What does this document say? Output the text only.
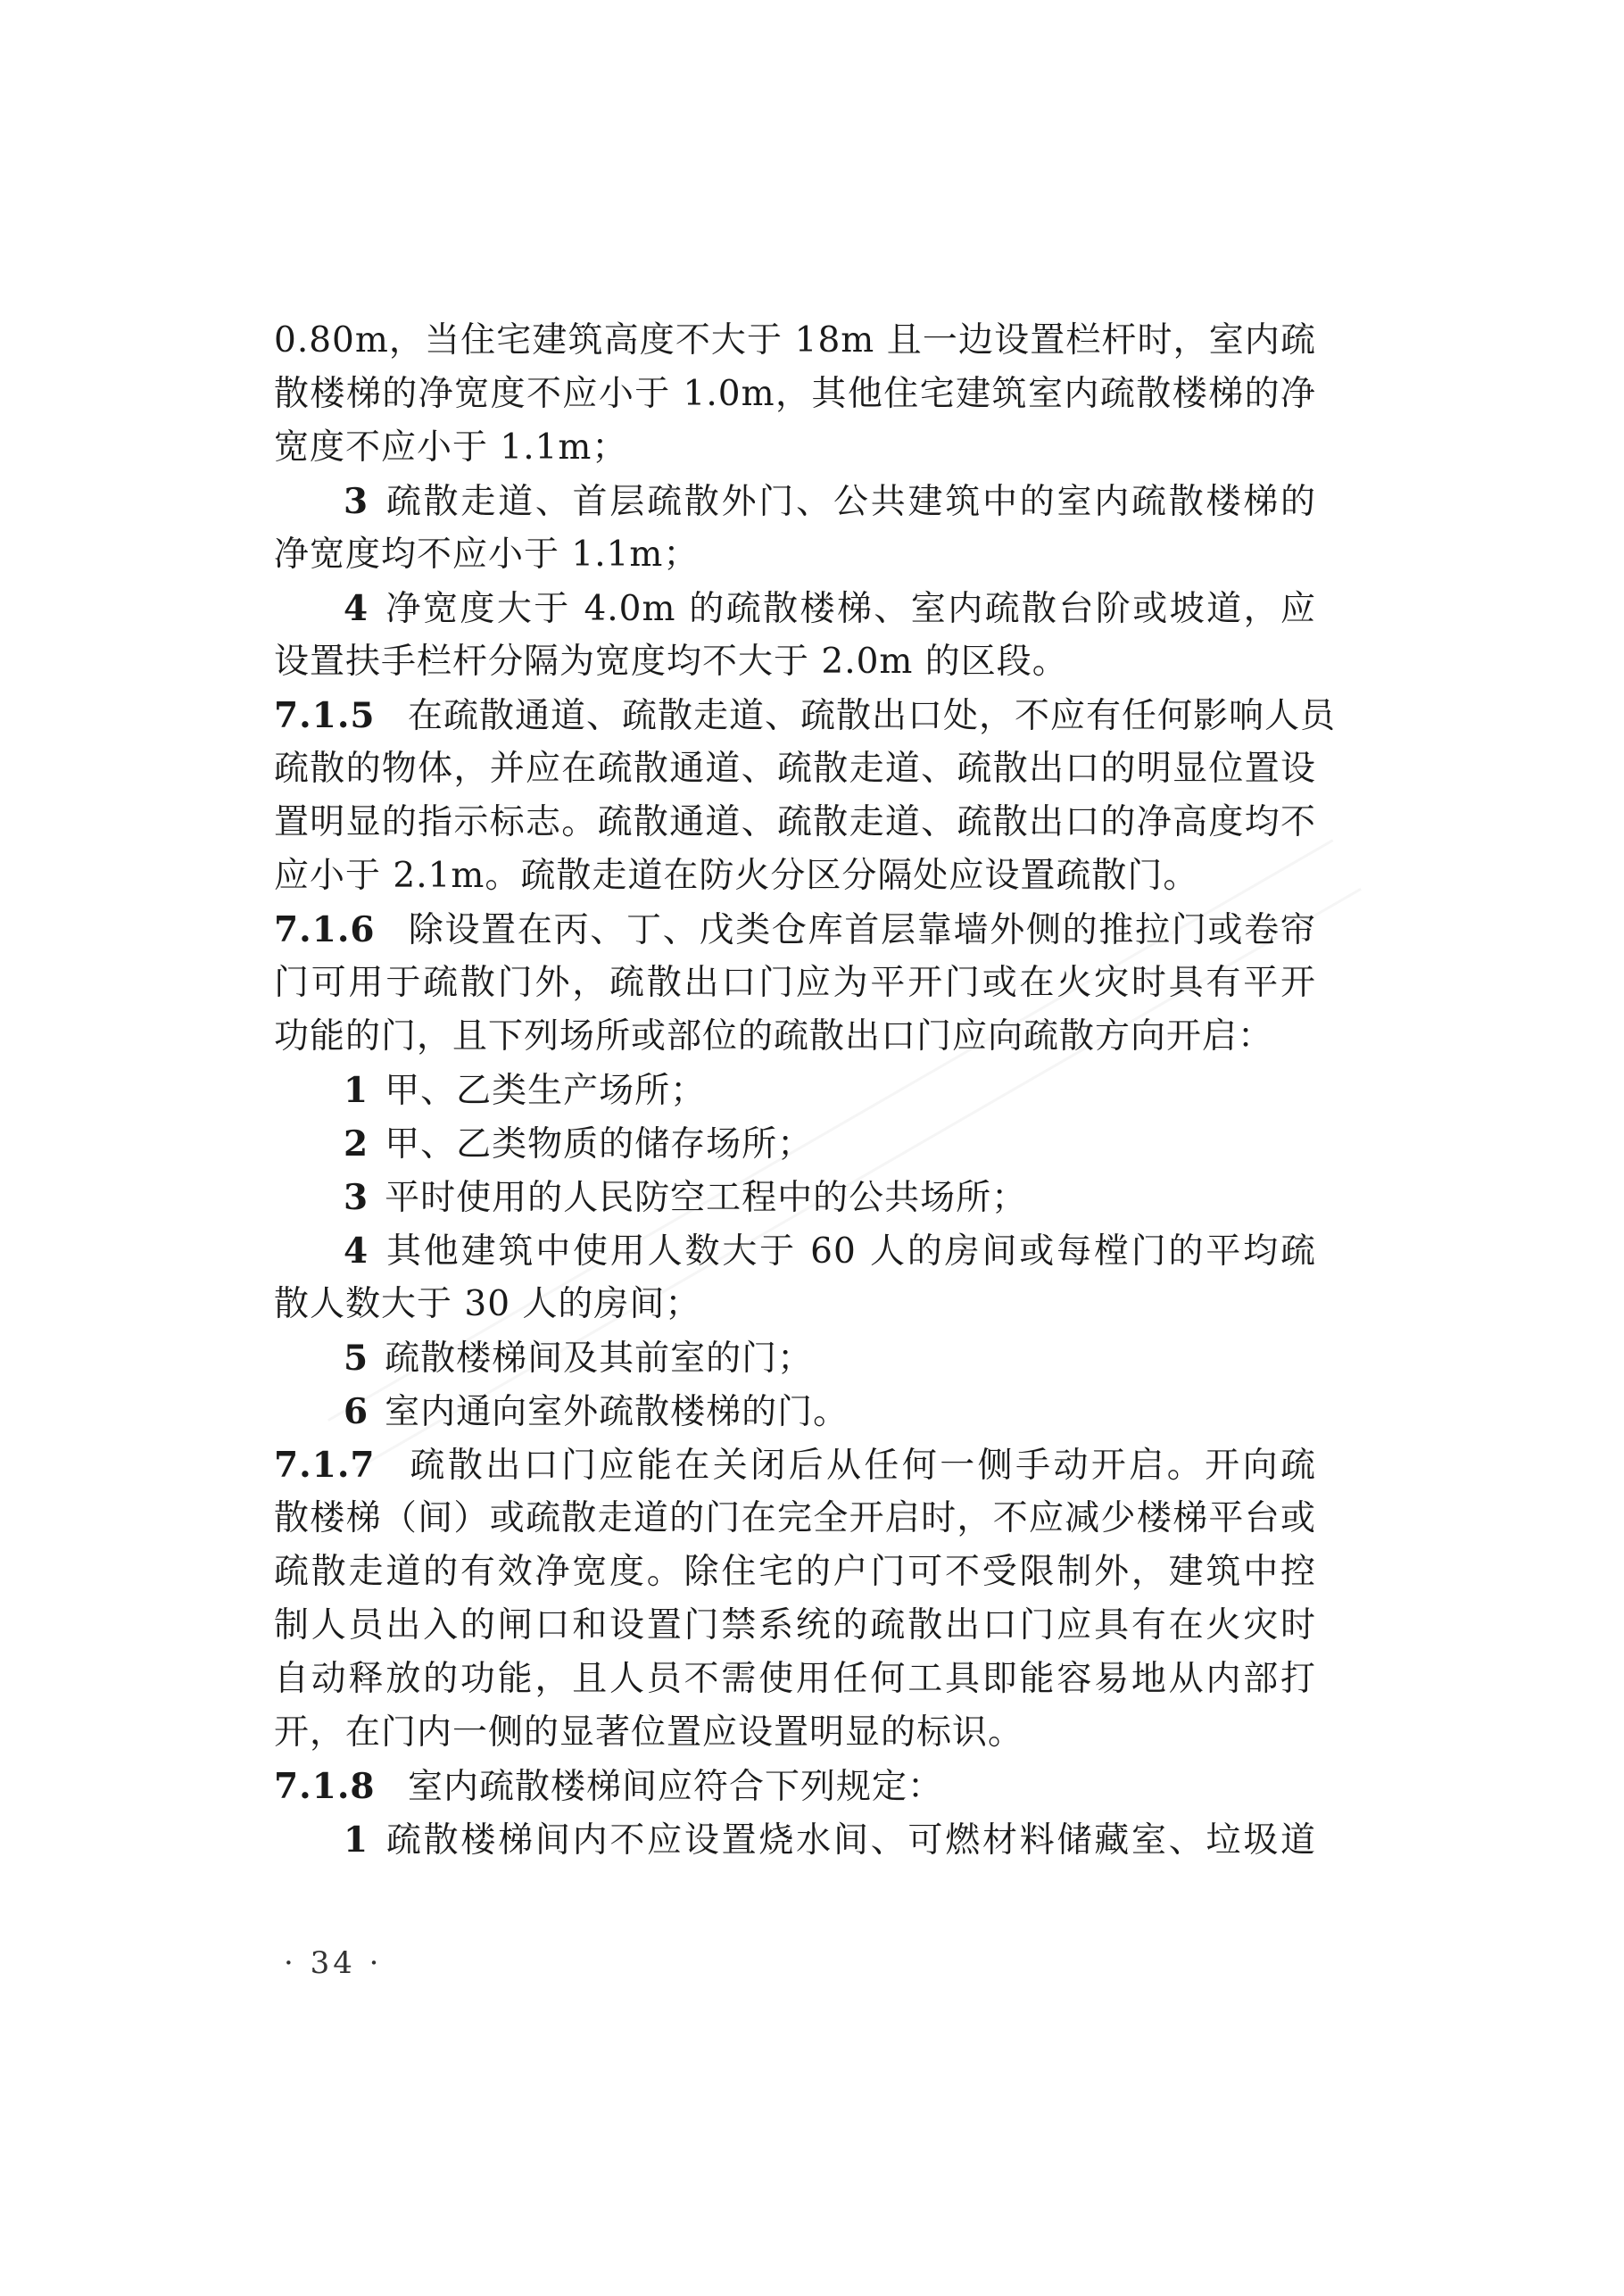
0.80m，当住宅建筑高度不大于 18m 且一边设置栏杆时，室内疏
散楼梯的净宽度不应小于 1.0m，其他住宅建筑室内疏散楼梯的净
宽度不应小于 1.1m；
3 疏散走道、首层疏散外门、公共建筑中的室内疏散楼梯的
净宽度均不应小于 1.1m；
4 净宽度大于 4.0m 的疏散楼梯、室内疏散台阶或坡道，应
设置扶手栏杆分隔为宽度均不大于 2.0m 的区段。
7.1.5 在疏散通道、疏散走道、疏散出口处，不应有任何影响人员
疏散的物体，并应在疏散通道、疏散走道、疏散出口的明显位置设
置明显的指示标志。疏散通道、疏散走道、疏散出口的净高度均不
应小于 2.1m。疏散走道在防火分区分隔处应设置疏散门。
7.1.6 除设置在丙、丁、戊类仓库首层靠墙外侧的推拉门或卷帘
门可用于疏散门外，疏散出口门应为平开门或在火灾时具有平开
功能的门，且下列场所或部位的疏散出口门应向疏散方向开启：
1 甲、乙类生产场所；
2 甲、乙类物质的储存场所；
3 平时使用的人民防空工程中的公共场所；
4 其他建筑中使用人数大于 60 人的房间或每樘门的平均疏
散人数大于 30 人的房间；
5 疏散楼梯间及其前室的门；
6 室内通向室外疏散楼梯的门。
7.1.7 疏散出口门应能在关闭后从任何一侧手动开启。开向疏
散楼梯（间）或疏散走道的门在完全开启时，不应减少楼梯平台或
疏散走道的有效净宽度。除住宅的户门可不受限制外，建筑中控
制人员出入的闸口和设置门禁系统的疏散出口门应具有在火灾时
自动释放的功能，且人员不需使用任何工具即能容易地从内部打
开，在门内一侧的显著位置应设置明显的标识。
7.1.8 室内疏散楼梯间应符合下列规定：
1 疏散楼梯间内不应设置烧水间、可燃材料储藏室、垃圾道
· 34 ·
